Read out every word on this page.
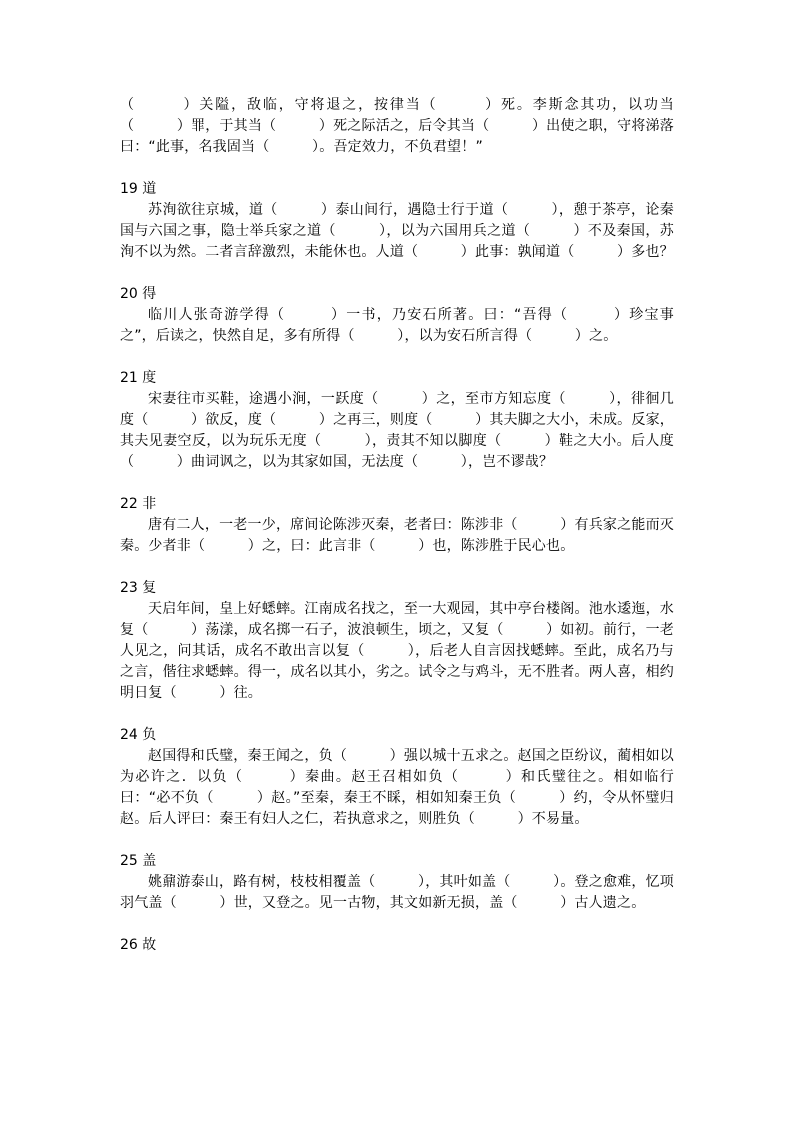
（　　　）关隘，敌临，守将退之，按律当（　　　）死。李斯念其功，以功当（　　　）罪，于其当（　　　）死之际活之，后令其当（　　　）出使之职，守将涕落曰：“此事，名我固当（　　　）。吾定效力，不负君望！”

19 道

苏洵欲往京城，道（　　　）泰山间行，遇隐士行于道（　　　），憩于茶亭，论秦国与六国之事，隐士举兵家之道（　　　），以为六国用兵之道（　　　）不及秦国，苏洵不以为然。二者言辞激烈，未能休也。人道（　　　）此事：孰闻道（　　　）多也？

20 得

临川人张奇游学得（　　　）一书，乃安石所著。曰：“吾得（　　　）珍宝事之”，后读之，快然自足，多有所得（　　　），以为安石所言得（　　　）之。

21 度

宋妻往市买鞋，途遇小涧，一跃度（　　　）之，至市方知忘度（　　　），徘徊几度（　　　）欲反，度（　　　）之再三，则度（　　　）其夫脚之大小，未成。反家，其夫见妻空反，以为玩乐无度（　　　），责其不知以脚度（　　　）鞋之大小。后人度（　　　）曲词讽之，以为其家如国，无法度（　　　），岂不谬哉？

22 非

唐有二人，一老一少，席间论陈涉灭秦，老者曰：陈涉非（　　　）有兵家之能而灭秦。少者非（　　　）之，曰：此言非（　　　）也，陈涉胜于民心也。

23 复

天启年间，皇上好蟋蟀。江南成名找之，至一大观园，其中亭台楼阁。池水逶迤，水复（　　　）荡漾，成名掷一石子，波浪顿生，顷之，又复（　　　）如初。前行，一老人见之，问其话，成名不敢出言以复（　　　），后老人自言因找蟋蟀。至此，成名乃与之言，偕往求蟋蟀。得一，成名以其小，劣之。试令之与鸡斗，无不胜者。两人喜，相约明日复（　　　）往。

24 负

赵国得和氏璧，秦王闻之，负（　　　）强以城十五求之。赵国之臣纷议，蔺相如以为必许之．以负（　　　）秦曲。赵王召相如负（　　　）和氏璧往之。相如临行曰：“必不负（　　　）赵。”至秦，秦王不睬，相如知秦王负（　　　）约，令从怀璧归赵。后人评曰：秦王有妇人之仁，若执意求之，则胜负（　　　）不易量。

25 盖

姚鼐游泰山，路有树，枝枝相覆盖（　　　），其叶如盖（　　　）。登之愈难，忆项羽气盖（　　　）世，又登之。见一古物，其文如新无损，盖（　　　）古人遗之。

26 故
